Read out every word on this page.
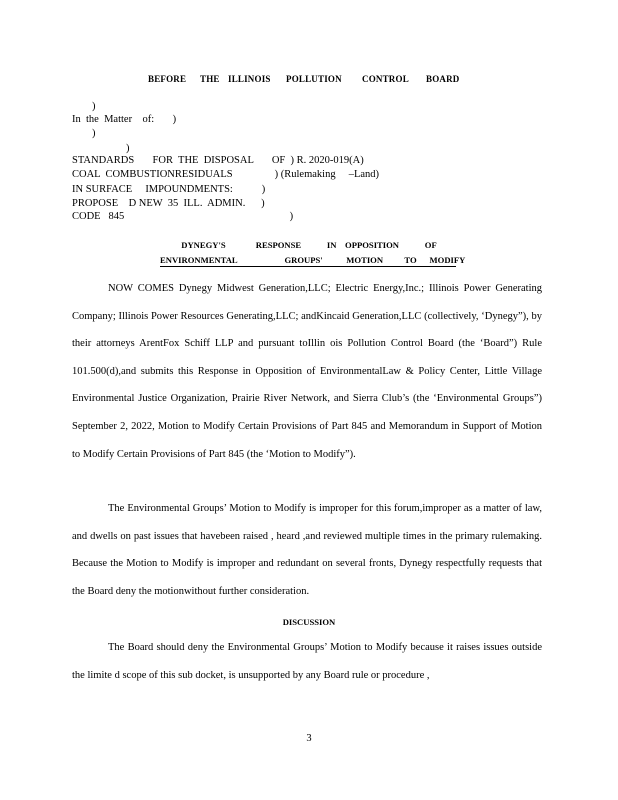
BEFORE THE ILLINOIS POLLUTION CONTROL BOARD
)
In  the  Matter    of:       )
)
)
STANDARDS       FOR  THE  DISPOSAL       OF  ) R. 2020-019(A)
COAL  COMBUSTIONRESIDUALS                ) (Rulemaking     –Land)
IN SURFACE     IMPOUNDMENTS:           )
PROPOSE    D NEW  35  ILL.  ADMIN.      )
CODE   845                                                               )
DYNEGY'S              RESPONSE            IN    OPPOSITION            OF
ENVIRONMENTAL                      GROUPS'           MOTION          TO      MODIFY
NOW COMES Dynegy Midwest Generation,LLC; Electric Energy,Inc.; Illinois Power Generating Company; Illinois Power Resources Generating,LLC; andKincaid Generation,LLC (collectively, ‘Dynegy”), by their attorneys ArentFox Schiff LLP and pursuant toIllin ois Pollution Control Board (the ‘Board”) Rule 101.500(d),and submits this Response in Opposition of EnvironmentalLaw & Policy Center, Little Village Environmental Justice Organization, Prairie River Network, and Sierra Club’s (the ‘Environmental Groups”) September 2, 2022, Motion to Modify Certain Provisions of Part 845 and Memorandum in Support of Motion to Modify Certain Provisions of Part 845 (the ‘Motion to Modify”).
The Environmental Groups’ Motion to Modify is improper for this forum,improper as a matter of law, and dwells on past issues that havebeen raised , heard ,and reviewed multiple times in the primary rulemaking. Because the Motion to Modify is improper and redundant on several fronts, Dynegy respectfully requests that the Board deny the motionwithout further consideration.
DISCUSSION
The Board should deny the Environmental Groups’ Motion to Modify because it raises issues outside the limite d scope of this sub docket, is unsupported by any Board rule or procedure ,
3
